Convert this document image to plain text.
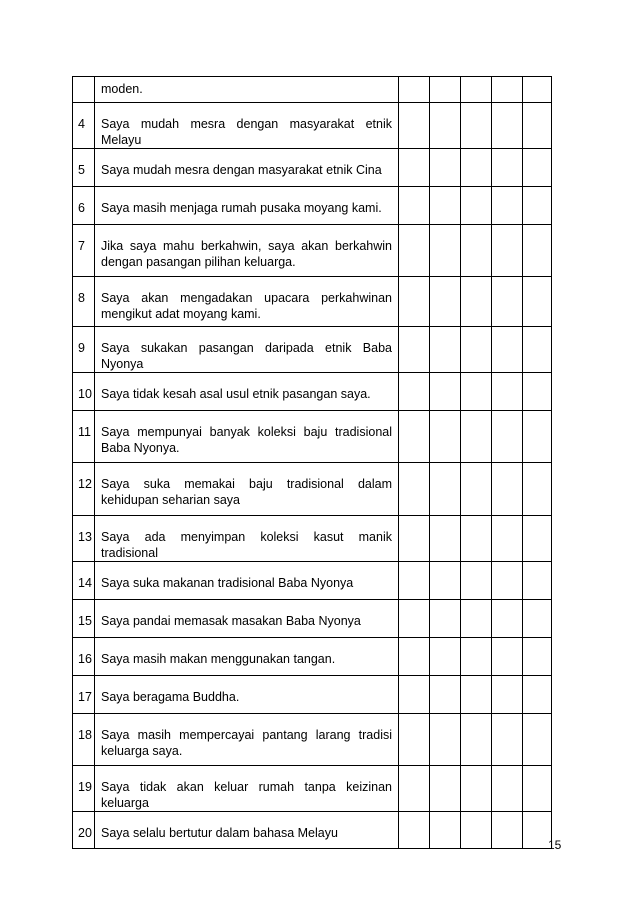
	moden.					
4	Saya mudah mesra dengan masyarakat etnik Melayu					
5	Saya mudah mesra dengan masyarakat etnik Cina					
6	Saya masih menjaga rumah pusaka moyang kami.					
7	Jika saya mahu berkahwin, saya akan berkahwin dengan pasangan pilihan keluarga.					
8	Saya akan mengadakan upacara perkahwinan mengikut adat moyang kami.					
9	Saya sukakan pasangan daripada etnik Baba Nyonya					
10	Saya tidak kesah asal usul etnik pasangan saya.					
11	Saya mempunyai banyak koleksi baju tradisional Baba Nyonya.					
12	Saya suka memakai baju tradisional dalam kehidupan seharian saya					
13	Saya ada menyimpan koleksi kasut manik tradisional					
14	Saya suka makanan tradisional Baba Nyonya					
15	Saya pandai memasak masakan Baba Nyonya					
16	Saya masih makan menggunakan tangan.					
17	Saya beragama Buddha.					
18	Saya masih mempercayai pantang larang tradisi keluarga saya.					
19	Saya tidak akan keluar rumah tanpa keizinan keluarga					
20	Saya selalu bertutur dalam bahasa Melayu					
15
